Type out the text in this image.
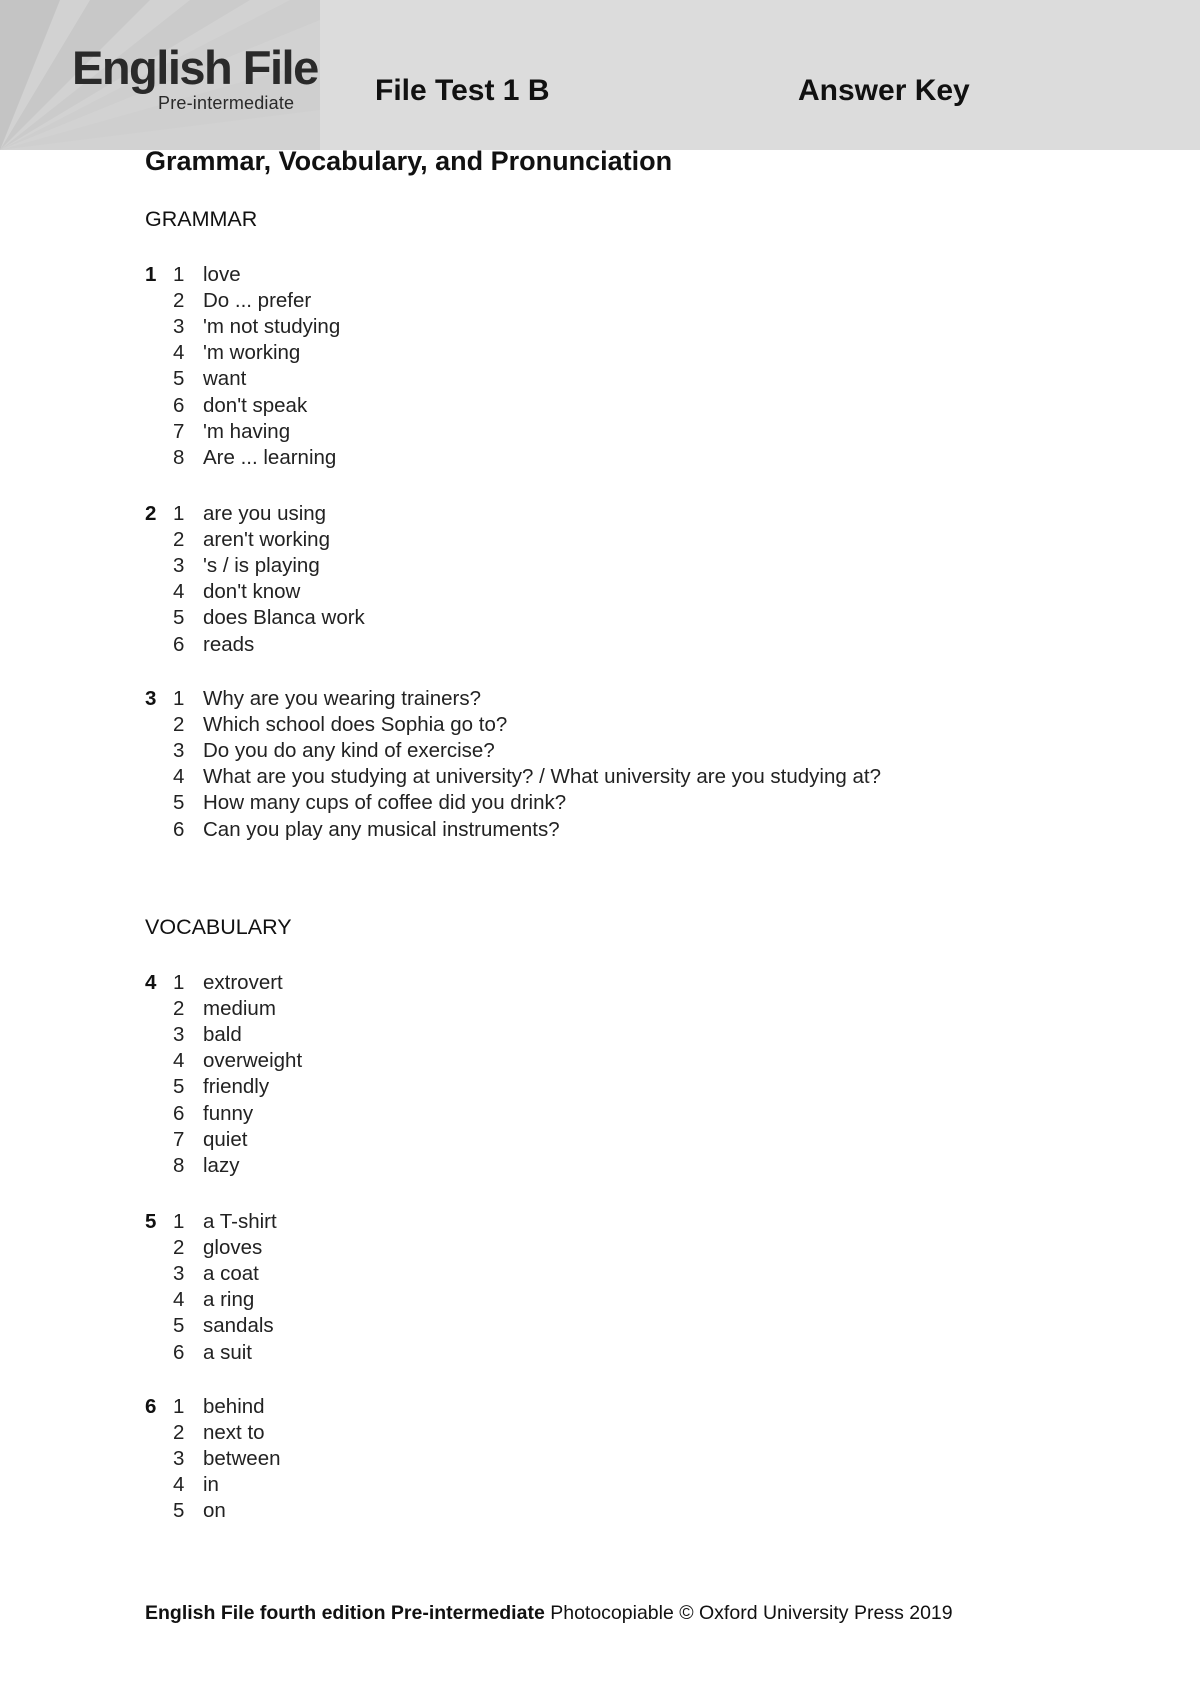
English File
Pre-intermediate	File Test 1 B	Answer Key
Grammar, Vocabulary, and Pronunciation
GRAMMAR
1 1 love
2 Do ... prefer
3 'm not studying
4 'm working
5 want
6 don't speak
7 'm having
8 Are ... learning
2 1 are you using
2 aren't working
3 's / is playing
4 don't know
5 does Blanca work
6 reads
3 1 Why are you wearing trainers?
2 Which school does Sophia go to?
3 Do you do any kind of exercise?
4 What are you studying at university? / What university are you studying at?
5 How many cups of coffee did you drink?
6 Can you play any musical instruments?
VOCABULARY
4 1 extrovert
2 medium
3 bald
4 overweight
5 friendly
6 funny
7 quiet
8 lazy
5 1 a T-shirt
2 gloves
3 a coat
4 a ring
5 sandals
6 a suit
6 1 behind
2 next to
3 between
4 in
5 on
English File fourth edition Pre-intermediate Photocopiable © Oxford University Press 2019
